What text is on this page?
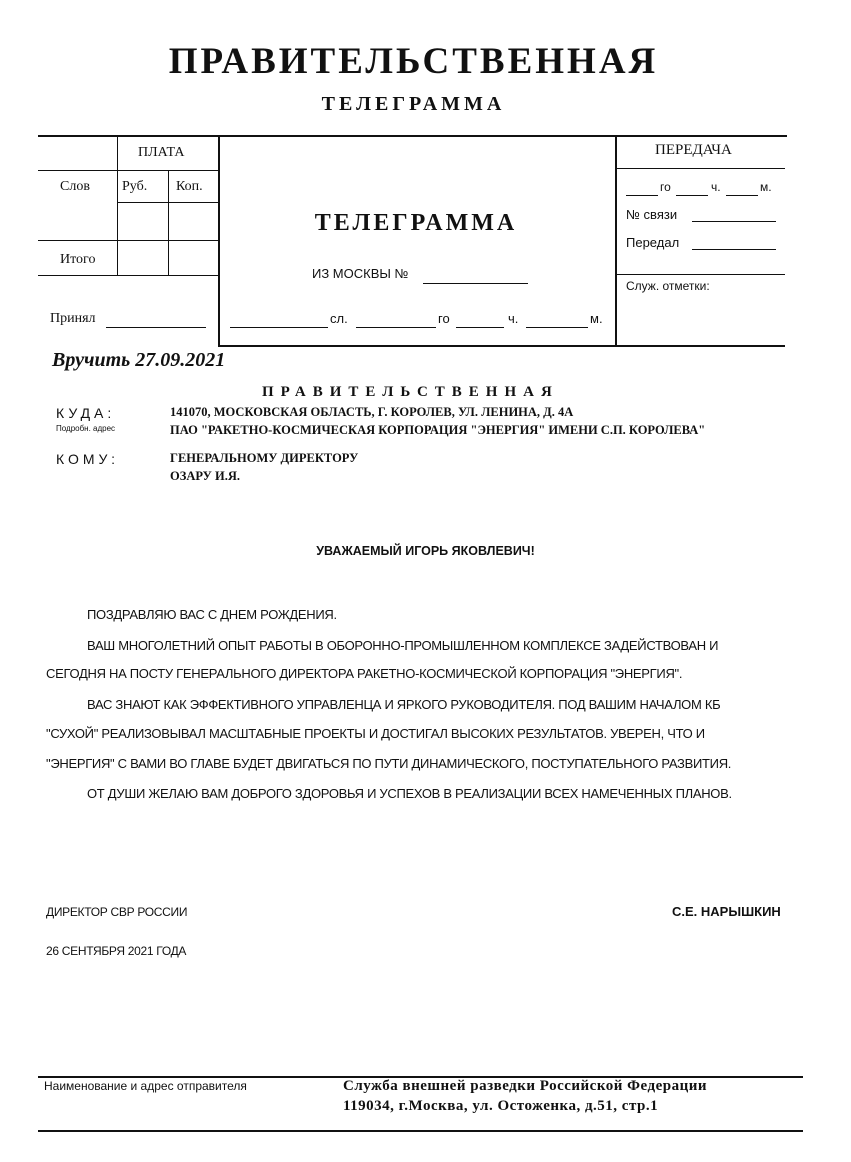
ПРАВИТЕЛЬСТВЕННАЯ
ТЕЛЕГРАММА
ПЛАТА
Слов Руб. Коп.
Итого
Принял
ТЕЛЕГРАММА
ИЗ МОСКВЫ №
сл.	го	ч.	м.
ПЕРЕДАЧА
го	ч.	м.
№ связи
Передал
Служ. отметки:
Вручить 27.09.2021
ПРАВИТЕЛЬСТВЕННАЯ
КУДА:
Подробн. адрес
141070, МОСКОВСКАЯ ОБЛАСТЬ, Г. КОРОЛЕВ, УЛ. ЛЕНИНА, Д. 4А
ПАО "РАКЕТНО-КОСМИЧЕСКАЯ КОРПОРАЦИЯ "ЭНЕРГИЯ" ИМЕНИ С.П. КОРОЛЕВА"
КОМУ:	ГЕНЕРАЛЬНОМУ ДИРЕКТОРУ
ОЗАРУ И.Я.
УВАЖАЕМЫЙ ИГОРЬ ЯКОВЛЕВИЧ!
ПОЗДРАВЛЯЮ ВАС С ДНЕМ РОЖДЕНИЯ.
ВАШ МНОГОЛЕТНИЙ ОПЫТ РАБОТЫ В ОБОРОННО-ПРОМЫШЛЕННОМ КОМПЛЕКСЕ ЗАДЕЙСТВОВАН И
СЕГОДНЯ НА ПОСТУ ГЕНЕРАЛЬНОГО ДИРЕКТОРА РАКЕТНО-КОСМИЧЕСКОЙ КОРПОРАЦИЯ "ЭНЕРГИЯ".
ВАС ЗНАЮТ КАК ЭФФЕКТИВНОГО УПРАВЛЕНЦА И ЯРКОГО РУКОВОДИТЕЛЯ. ПОД ВАШИМ НАЧАЛОМ КБ
"СУХОЙ" РЕАЛИЗОВЫВАЛ МАСШТАБНЫЕ ПРОЕКТЫ И ДОСТИГАЛ ВЫСОКИХ РЕЗУЛЬТАТОВ. УВЕРЕН, ЧТО И
"ЭНЕРГИЯ" С ВАМИ ВО ГЛАВЕ БУДЕТ ДВИГАТЬСЯ ПО ПУТИ ДИНАМИЧЕСКОГО, ПОСТУПАТЕЛЬНОГО РАЗВИТИЯ.
ОТ ДУШИ ЖЕЛАЮ ВАМ ДОБРОГО ЗДОРОВЬЯ И УСПЕХОВ В РЕАЛИЗАЦИИ ВСЕХ НАМЕЧЕННЫХ ПЛАНОВ.
ДИРЕКТОР СВР РОССИИ	С.Е. НАРЫШКИН
26 СЕНТЯБРЯ 2021 ГОДА
Наименование и адрес отправителя	Служба внешней разведки Российской Федерации
119034, г.Москва, ул. Остоженка, д.51, стр.1
